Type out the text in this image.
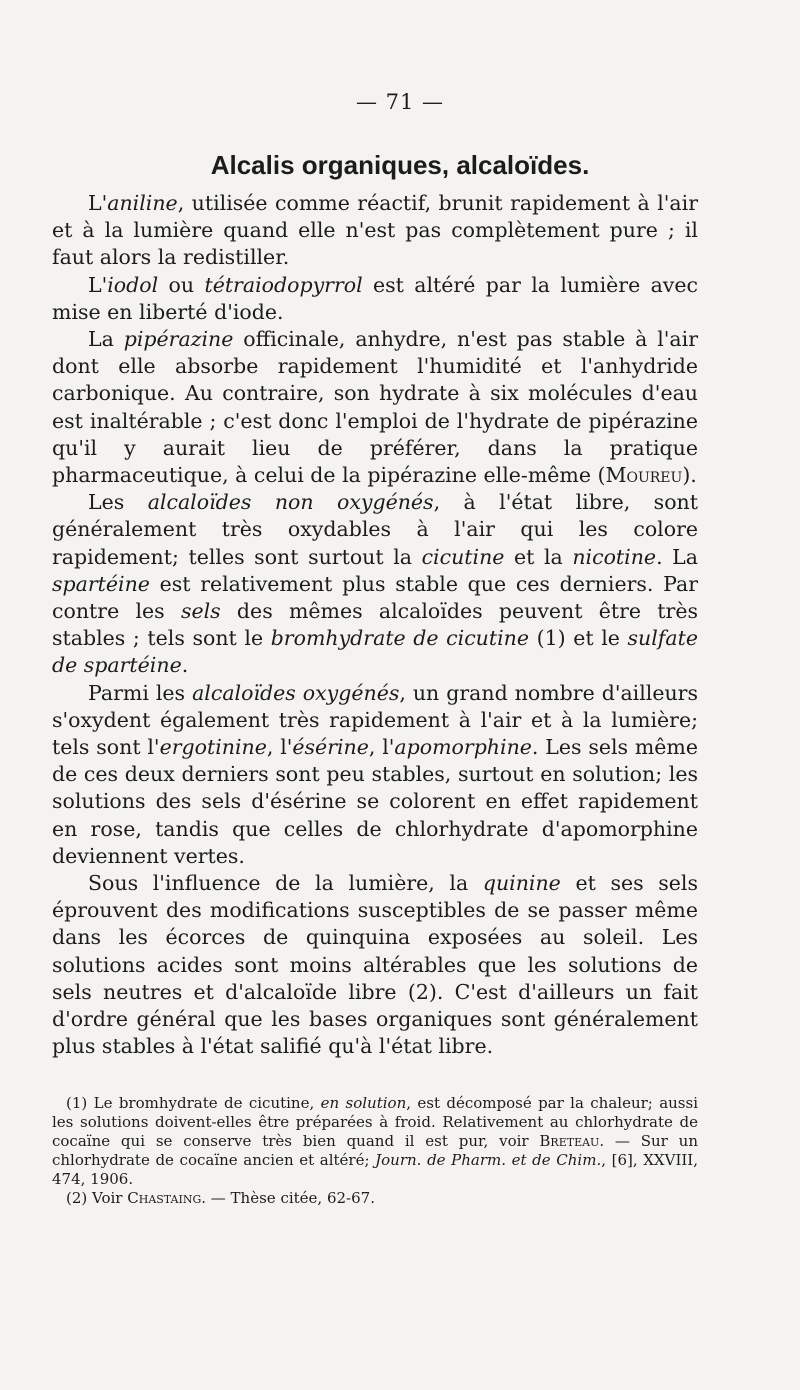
— 71 —
Alcalis organiques, alcaloïdes.

L'aniline, utilisée comme réactif, brunit rapidement à l'air et à la lumière quand elle n'est pas complètement pure ; il faut alors la redistiller.

L'iodol ou tétraiodopyrrol est altéré par la lumière avec mise en liberté d'iode.

La pipérazine officinale, anhydre, n'est pas stable à l'air dont elle absorbe rapidement l'humidité et l'anhydride carbonique. Au contraire, son hydrate à six molécules d'eau est inaltérable ; c'est donc l'emploi de l'hydrate de pipérazine qu'il y aurait lieu de préférer, dans la pratique pharmaceutique, à celui de la pipérazine elle-même (Moureu).

Les alcaloïdes non oxygénés, à l'état libre, sont généralement très oxydables à l'air qui les colore rapidement; telles sont surtout la cicutine et la nicotine. La spartéine est relativement plus stable que ces derniers. Par contre les sels des mêmes alcaloïdes peuvent être très stables ; tels sont le bromhydrate de cicutine (1) et le sulfate de spartéine.

Parmi les alcaloïdes oxygénés, un grand nombre d'ailleurs s'oxydent également très rapidement à l'air et à la lumière; tels sont l'ergotinine, l'ésérine, l'apomorphine. Les sels même de ces deux derniers sont peu stables, surtout en solution; les solutions des sels d'ésérine se colorent en effet rapidement en rose, tandis que celles de chlorhydrate d'apomorphine deviennent vertes.

Sous l'influence de la lumière, la quinine et ses sels éprouvent des modifications susceptibles de se passer même dans les écorces de quinquina exposées au soleil. Les solutions acides sont moins altérables que les solutions de sels neutres et d'alcaloïde libre (2). C'est d'ailleurs un fait d'ordre général que les bases organiques sont généralement plus stables à l'état salifié qu'à l'état libre.

(1) Le bromhydrate de cicutine, en solution, est décomposé par la chaleur; aussi les solutions doivent-elles être préparées à froid. Relativement au chlorhydrate de cocaïne qui se conserve très bien quand il est pur, voir Breteau. — Sur un chlorhydrate de cocaïne ancien et altéré; Journ. de Pharm. et de Chim., [6], XXVIII, 474, 1906.

(2) Voir Chastaing. — Thèse citée, 62-67.
